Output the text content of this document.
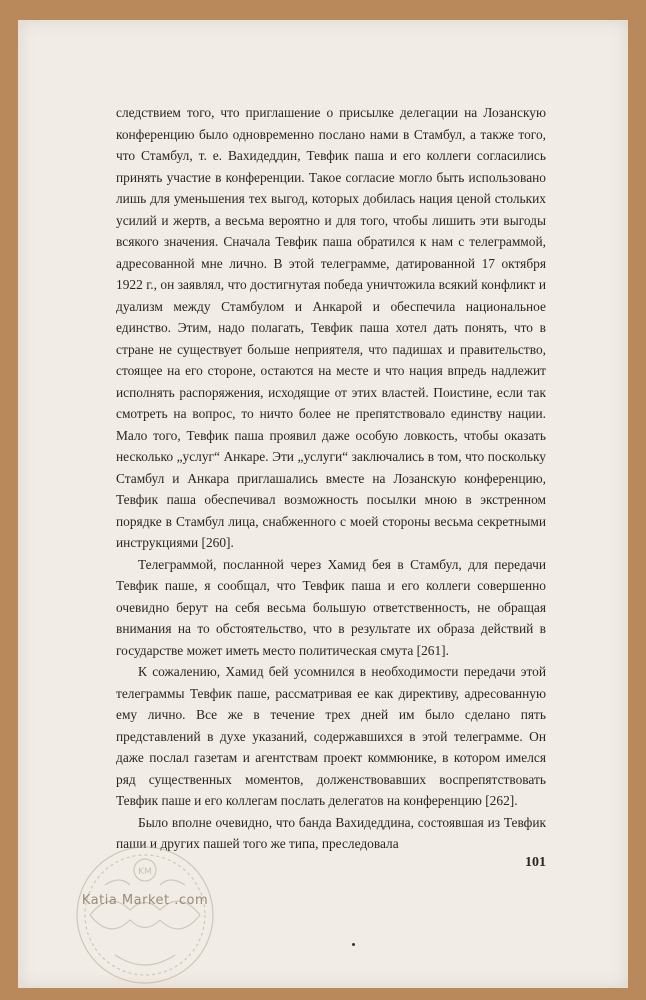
следствием того, что приглашение о присылке делегации на Лозанскую конференцию было одновременно послано нами в Стамбул, а также того, что Стамбул, т. е. Вахидеддин, Тевфик паша и его коллеги согласились принять участие в конференции. Такое согласие могло быть использовано лишь для уменьшения тех выгод, которых добилась нация ценой стольких усилий и жертв, а весьма вероятно и для того, чтобы лишить эти выгоды всякого значения. Сначала Тевфик паша обратился к нам с телеграммой, адресованной мне лично. В этой телеграмме, датированной 17 октября 1922 г., он заявлял, что достигнутая победа уничтожила всякий конфликт и дуализм между Стамбулом и Анкарой и обеспечила национальное единство. Этим, надо полагать, Тевфик паша хотел дать понять, что в стране не существует больше неприятеля, что падишах и правительство, стоящее на его стороне, остаются на месте и что нация впредь надлежит исполнять распоряжения, исходящие от этих властей. Поистине, если так смотреть на вопрос, то ничто более не препятствовало единству нации. Мало того, Тевфик паша проявил даже особую ловкость, чтобы оказать несколько „услуг“ Анкаре. Эти „услуги“ заключались в том, что поскольку Стамбул и Анкара приглашались вместе на Лозанскую конференцию, Тевфик паша обеспечивал возможность посылки мною в экстренном порядке в Стамбул лица, снабженного с моей стороны весьма секретными инструкциями [260].

Телеграммой, посланной через Хамид бея в Стамбул, для передачи Тевфик паше, я сообщал, что Тевфик паша и его коллеги совершенно очевидно берут на себя весьма большую ответственность, не обращая внимания на то обстоятельство, что в результате их образа действий в государстве может иметь место политическая смута [261].

К сожалению, Хамид бей усомнился в необходимости передачи этой телеграммы Тевфик паше, рассматривая ее как директиву, адресованную ему лично. Все же в течение трех дней им было сделано пять представлений в духе указаний, содержавшихся в этой телеграмме. Он даже послал газетам и агентствам проект коммюнике, в котором имелся ряд существенных моментов, долженствовавших воспрепятствовать Тевфик паше и его коллегам послать делегатов на конференцию [262].

Было вполне очевидно, что банда Вахидеддина, состоявшая из Тевфик паши и других пашей того же типа, преследовала

101
KM
Katia Market .com
